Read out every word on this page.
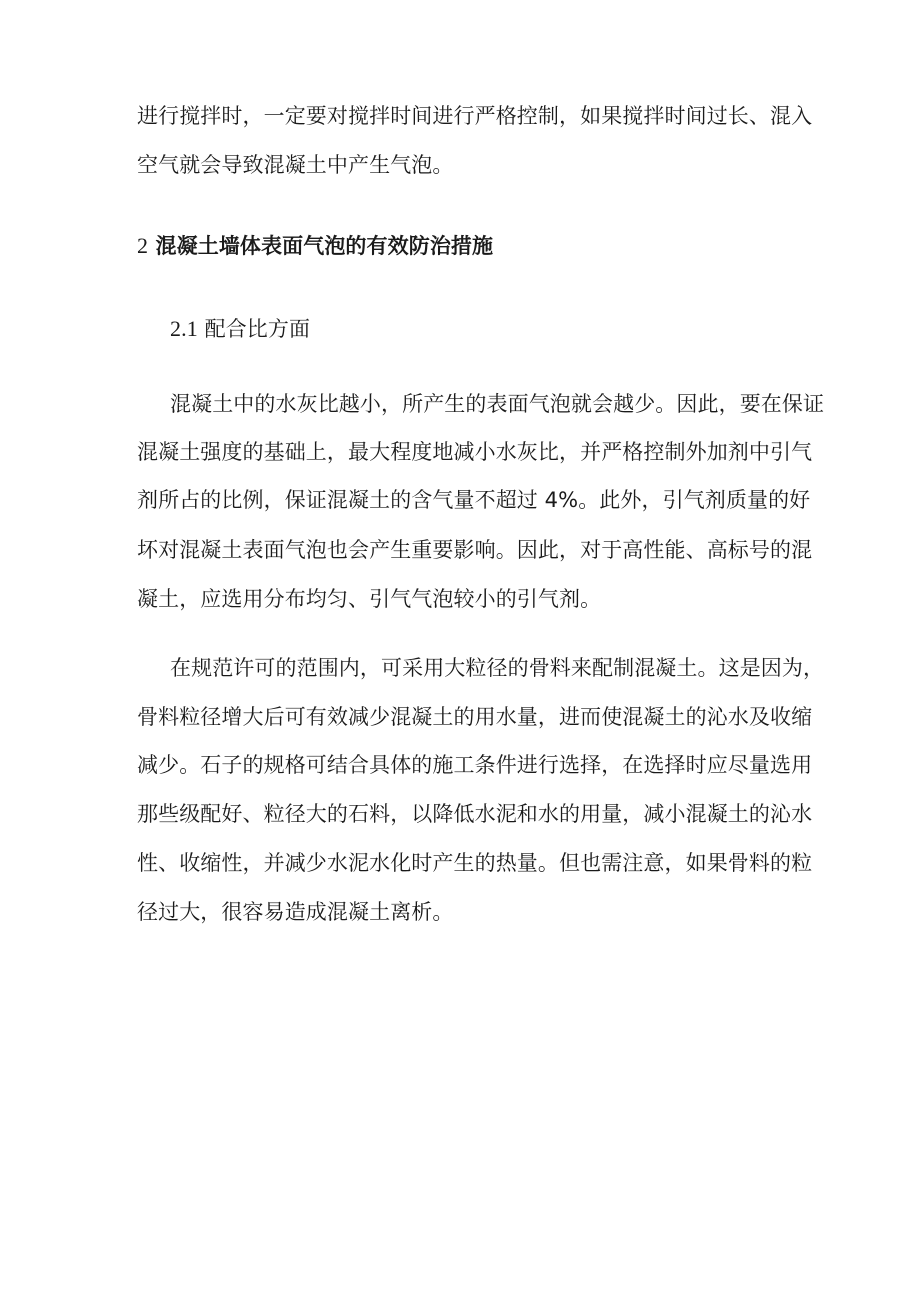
进行搅拌时，一定要对搅拌时间进行严格控制，如果搅拌时间过长、混入
空气就会导致混凝土中产生气泡。
2 混凝土墙体表面气泡的有效防治措施
2.1 配合比方面
混凝土中的水灰比越小，所产生的表面气泡就会越少。因此，要在保证
混凝土强度的基础上，最大程度地减小水灰比，并严格控制外加剂中引气
剂所占的比例，保证混凝土的含气量不超过 4%。此外，引气剂质量的好
坏对混凝土表面气泡也会产生重要影响。因此，对于高性能、高标号的混
凝土，应选用分布均匀、引气气泡较小的引气剂。
在规范许可的范围内，可采用大粒径的骨料来配制混凝土。这是因为，
骨料粒径增大后可有效减少混凝土的用水量，进而使混凝土的沁水及收缩
减少。石子的规格可结合具体的施工条件进行选择，在选择时应尽量选用
那些级配好、粒径大的石料，以降低水泥和水的用量，减小混凝土的沁水
性、收缩性，并减少水泥水化时产生的热量。但也需注意，如果骨料的粒
径过大，很容易造成混凝土离析。
